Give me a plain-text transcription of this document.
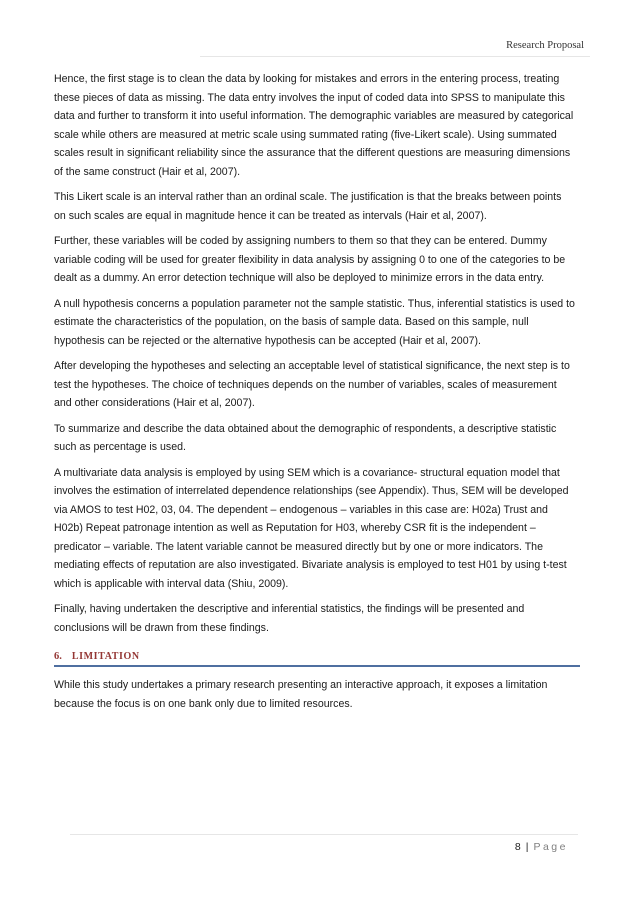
Research Proposal

Hence, the first stage is to clean the data by looking for mistakes and errors in the entering process, treating these pieces of data as missing. The data entry involves the input of coded data into SPSS to manipulate this data and further to transform it into useful information. The demographic variables are measured by categorical scale while others are measured at metric scale using summated rating (five-Likert scale). Using summated scales result in significant reliability since the assurance that the different questions are measuring dimensions of the same construct (Hair et al, 2007).

This Likert scale is an interval rather than an ordinal scale. The justification is that the breaks between points on such scales are equal in magnitude hence it can be treated as intervals (Hair et al, 2007).

Further, these variables will be coded by assigning numbers to them so that they can be entered. Dummy variable coding will be used for greater flexibility in data analysis by assigning 0 to one of the categories to be dealt as a dummy. An error detection technique will also be deployed to minimize errors in the data entry.

A null hypothesis concerns a population parameter not the sample statistic. Thus, inferential statistics is used to estimate the characteristics of the population, on the basis of sample data. Based on this sample, null hypothesis can be rejected or the alternative hypothesis can be accepted (Hair et al, 2007).

After developing the hypotheses and selecting an acceptable level of statistical significance, the next step is to test the hypotheses. The choice of techniques depends on the number of variables, scales of measurement and other considerations (Hair et al, 2007).

To summarize and describe the data obtained about the demographic of respondents, a descriptive statistic such as percentage is used.

A multivariate data analysis is employed by using SEM which is a covariance- structural equation model that involves the estimation of interrelated dependence relationships (see Appendix). Thus, SEM will be developed via AMOS to test H02, 03, 04. The dependent – endogenous – variables in this case are: H02a) Trust and H02b) Repeat patronage intention as well as Reputation for H03, whereby CSR fit is the independent – predicator – variable. The latent variable cannot be measured directly but by one or more indicators. The mediating effects of reputation are also investigated. Bivariate analysis is employed to test H01 by using t-test which is applicable with interval data (Shiu, 2009).

Finally, having undertaken the descriptive and inferential statistics, the findings will be presented and conclusions will be drawn from these findings.

6. LIMITATION

While this study undertakes a primary research presenting an interactive approach, it exposes a limitation because the focus is on one bank only due to limited resources.

8 | Page
